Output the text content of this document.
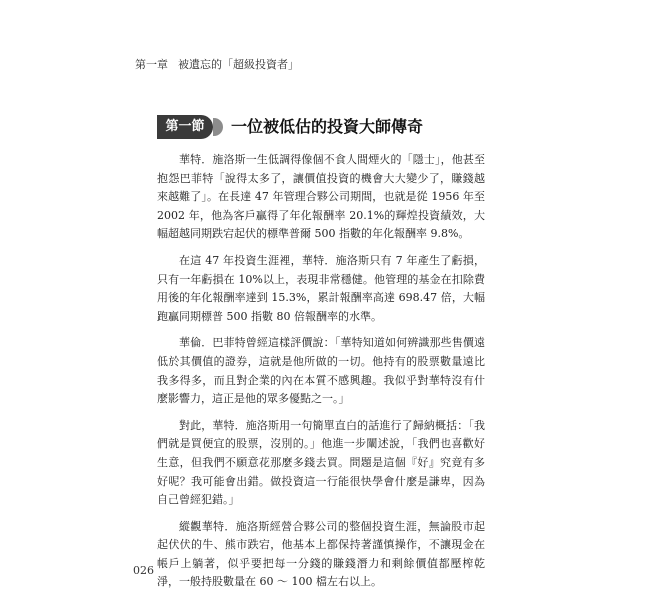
第一章 被遺忘的「超級投資者」
第一節	一位被低估的投資大師傳奇

華特．施洛斯一生低調得像個不食人間煙火的「隱士」，他甚至抱怨巴菲特「說得太多了，讓價值投資的機會大大變少了，賺錢越來越難了」。在長達 47 年管理合夥公司期間，也就是從 1956 年至 2002 年，他為客戶贏得了年化報酬率 20.1%的輝煌投資績效，大幅超越同期跌宕起伏的標準普爾 500 指數的年化報酬率 9.8%。

在這 47 年投資生涯裡，華特．施洛斯只有 7 年產生了虧損，只有一年虧損在 10%以上，表現非常穩健。他管理的基金在扣除費用後的年化報酬率達到 15.3%，累計報酬率高達 698.47 倍，大幅跑贏同期標普 500 指數 80 倍報酬率的水準。

華倫．巴菲特曾經這樣評價說：「華特知道如何辨識那些售價遠低於其價值的證券，這就是他所做的一切。他持有的股票數量遠比我多得多，而且對企業的內在本質不感興趣。我似乎對華特沒有什麼影響力，這正是他的眾多優點之一。」

對此，華特．施洛斯用一句簡單直白的話進行了歸納概括：「我們就是買便宜的股票，沒別的。」他進一步闡述說，「我們也喜歡好生意，但我們不願意花那麼多錢去買。問題是這個『好』究竟有多好呢？我可能會出錯。做投資這一行能很快學會什麼是謙卑，因為自己曾經犯錯。」

縱觀華特．施洛斯經營合夥公司的整個投資生涯，無論股市起起伏伏的牛、熊市跌宕，他基本上都保持著謹慎操作，不讓現金在帳戶上躺著，似乎要把每一分錢的賺錢潛力和剩餘價值都壓榨乾淨，一般持股數量在 60 ～ 100 檔左右以上。

026
